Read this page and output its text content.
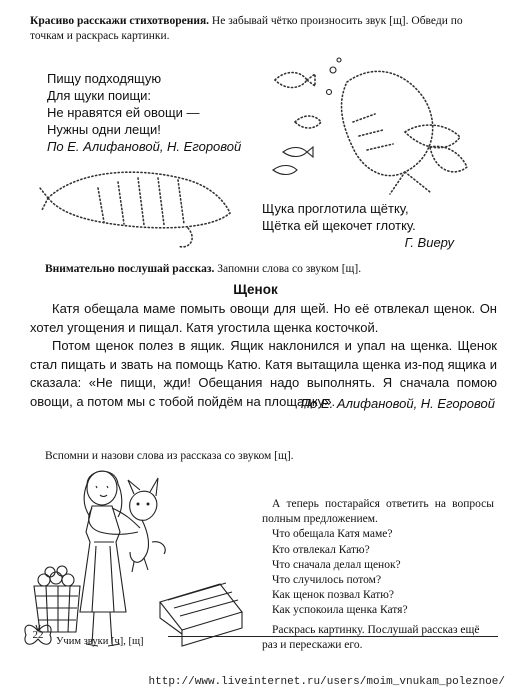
Красиво расскажи стихотворения. Не забывай чётко произносить звук [щ]. Обведи по точкам и раскрась картинки.
Пищу подходящую
Для щуки поищи:
Не нравятся ей овощи —
Нужны одни лещи!
По Е. Алифановой, Н. Егоровой
Щука проглотила щётку,
Щётка ей щекочет глотку.
Г. Виеру
Внимательно послушай рассказ. Запомни слова со звуком [щ].
Щенок

Катя обещала маме помыть овощи для щей. Но её отвлекал щенок. Он хотел угощения и пищал. Катя угостила щенка косточкой.

Потом щенок полез в ящик. Ящик наклонился и упал на щенка. Щенок стал пищать и звать на помощь Катю. Катя вытащила щенка из-под ящика и сказала: «Не пищи, жди! Обещания надо выполнять. Я сначала помою овощи, а потом мы с тобой пойдём на площадку».

По Е. Алифановой, Н. Егоровой
Вспомни и назови слова из рассказа со звуком [щ].
А теперь постарайся ответить на вопросы полным предложением.
Что обещала Катя маме?
Кто отвлекал Катю?
Что сначала делал щенок?
Что случилось потом?
Как щенок позвал Катю?
Как успокоила щенка Катя?
Раскрась картинку. Послушай рассказ ещё раз и перескажи его.
22
Учим звуки [ч], [щ]
http://www.liveinternet.ru/users/moim_vnukam_poleznoe/
